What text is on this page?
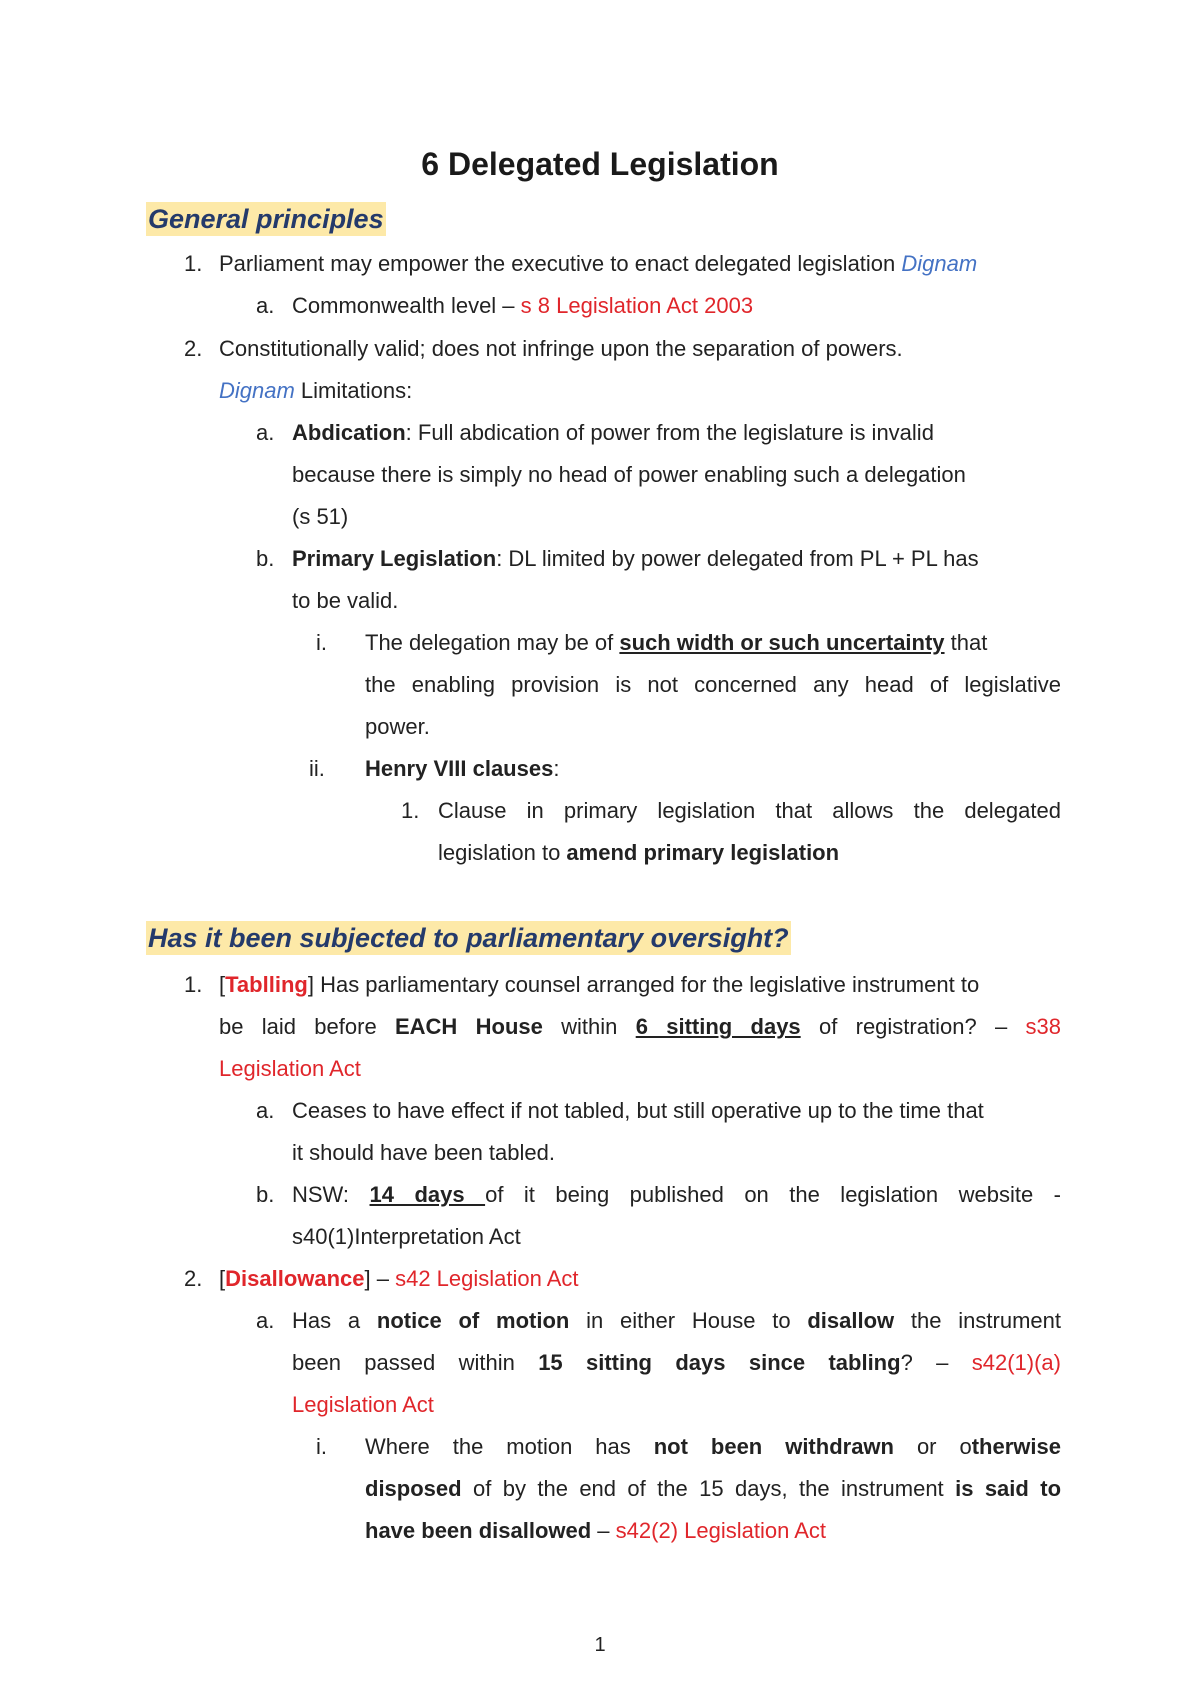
6 Delegated Legislation
General principles
1. Parliament may empower the executive to enact delegated legislation Dignam
a. Commonwealth level – s 8 Legislation Act 2003
2. Constitutionally valid; does not infringe upon the separation of powers.
Dignam Limitations:
a. Abdication: Full abdication of power from the legislature is invalid
because there is simply no head of power enabling such a delegation
(s 51)
b. Primary Legislation: DL limited by power delegated from PL + PL has
to be valid.
i. The delegation may be of such width or such uncertainty that
the enabling provision is not concerned any head of legislative
power.
ii. Henry VIII clauses:
1. Clause in primary legislation that allows the delegated
legislation to amend primary legislation
Has it been subjected to parliamentary oversight?
1. [Tablling] Has parliamentary counsel arranged for the legislative instrument to
be laid before EACH House within 6 sitting days of registration? – s38
Legislation Act
a. Ceases to have effect if not tabled, but still operative up to the time that
it should have been tabled.
b. NSW: 14 days of it being published on the legislation website -
s40(1)Interpretation Act
2. [Disallowance] – s42 Legislation Act
a. Has a notice of motion in either House to disallow the instrument
been passed within 15 sitting days since tabling? – s42(1)(a)
Legislation Act
i. Where the motion has not been withdrawn or otherwise
disposed of by the end of the 15 days, the instrument is said to
have been disallowed – s42(2) Legislation Act
1
